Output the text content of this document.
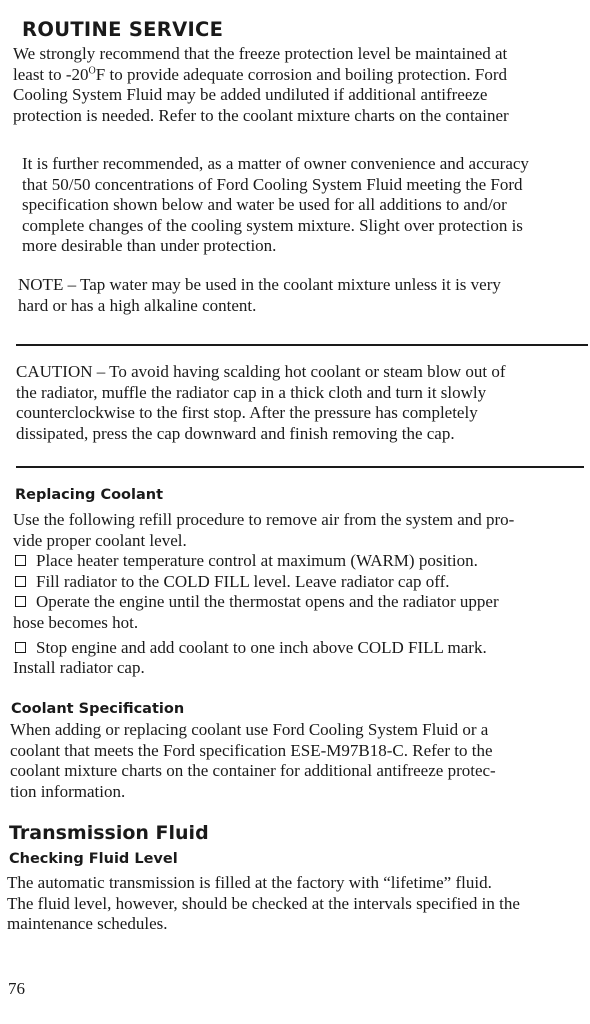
ROUTINE SERVICE
We strongly recommend that the freeze protection level be maintained at
least to $-20^OF$ to provide adequate corrosion and boiling protection. Ford
Cooling System Fluid may be added undiluted if additional antifreeze
protection is needed. Refer to the coolant mixture charts on the container
It is further recommended, as a matter of owner convenience and accuracy
that 50/50 concentrations of Ford Cooling System Fluid meeting the Ford
specification shown below and water be used for all additions to and/or
complete changes of the cooling system mixture. Slight over protection is
more desirable than under protection.
NOTE – Tap water may be used in the coolant mixture unless it is very
hard or has a high alkaline content.
CAUTION – To avoid having scalding hot coolant or steam blow out of
the radiator, muffle the radiator cap in a thick cloth and turn it slowly
counterclockwise to the first stop. After the pressure has completely
dissipated, press the cap downward and finish removing the cap.
Replacing Coolant
Use the following refill procedure to remove air from the system and pro-
vide proper coolant level.
Place heater temperature control at maximum (WARM) position.
Fill radiator to the COLD FILL level. Leave radiator cap off.
Operate the engine until the thermostat opens and the radiator upper
hose becomes hot.
Stop engine and add coolant to one inch above COLD FILL mark.
Install radiator cap.
Coolant Specification
When adding or replacing coolant use Ford Cooling System Fluid or a
coolant that meets the Ford specification ESE-M97B18-C. Refer to the
coolant mixture charts on the container for additional antifreeze protec-
tion information.
Transmission Fluid
Checking Fluid Level
The automatic transmission is filled at the factory with “lifetime” fluid.
The fluid level, however, should be checked at the intervals specified in the
maintenance schedules.
76
